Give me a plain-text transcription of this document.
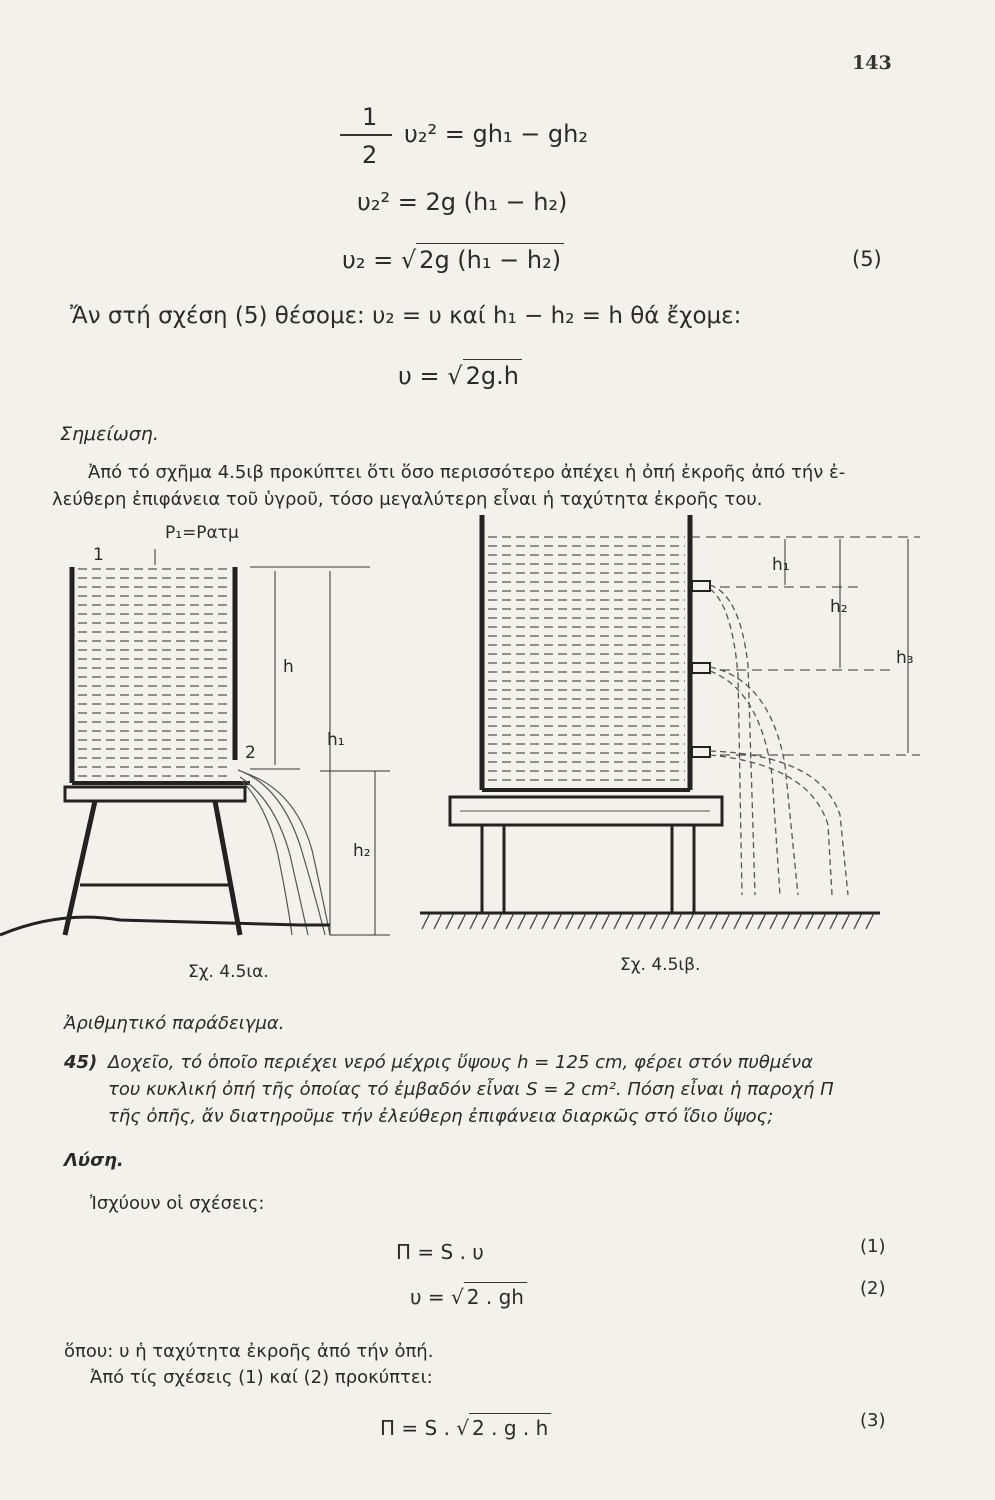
143
1
2
υ₂² = gh₁ − gh₂
υ₂² = 2g (h₁ − h₂)
υ₂ = √ 2g (h₁ − h₂)	(5)
Ἄν στή σχέση (5) θέσομε: υ₂ = υ καί h₁ − h₂ = h θά ἔχομε:
υ = √ 2g.h
Σημείωση.
Ἀπό τό σχῆμα 4.5ιβ προκύπτει ὅτι ὅσο περισσότερο ἀπέχει ἡ ὀπή ἐκροῆς ἀπό τήν ἐ-
λεύθερη ἐπιφάνεια τοῦ ὑγροῦ, τόσο μεγαλύτερη εἶναι ἡ ταχύτητα ἐκροῆς του.
P₁=Pατμ
1
2
h
h₁
h₂
Σχ. 4.5ια.
h₁
h₂
h₃
Σχ. 4.5ιβ.
Ἀριθμητικό παράδειγμα.
45) Δοχεῖο, τό ὁποῖο περιέχει νερό μέχρις ὕψους h = 125 cm, φέρει στόν πυθμένα
του κυκλική ὀπή τῆς ὁποίας τό ἐμβαδόν εἶναι S = 2 cm². Πόση εἶναι ἡ παροχή Π
τῆς ὀπῆς, ἄν διατηροῦμε τήν ἐλεύθερη ἐπιφάνεια διαρκῶς στό ἴδιο ὕψος;
Λύση.
Ἰσχύουν οἱ σχέσεις:
Π = S . υ	(1)
υ = √ 2 . gh	(2)
ὅπου: υ ἡ ταχύτητα ἐκροῆς ἀπό τήν ὀπή.
Ἀπό τίς σχέσεις (1) καί (2) προκύπτει:
Π = S . √ 2 . g . h	(3)
